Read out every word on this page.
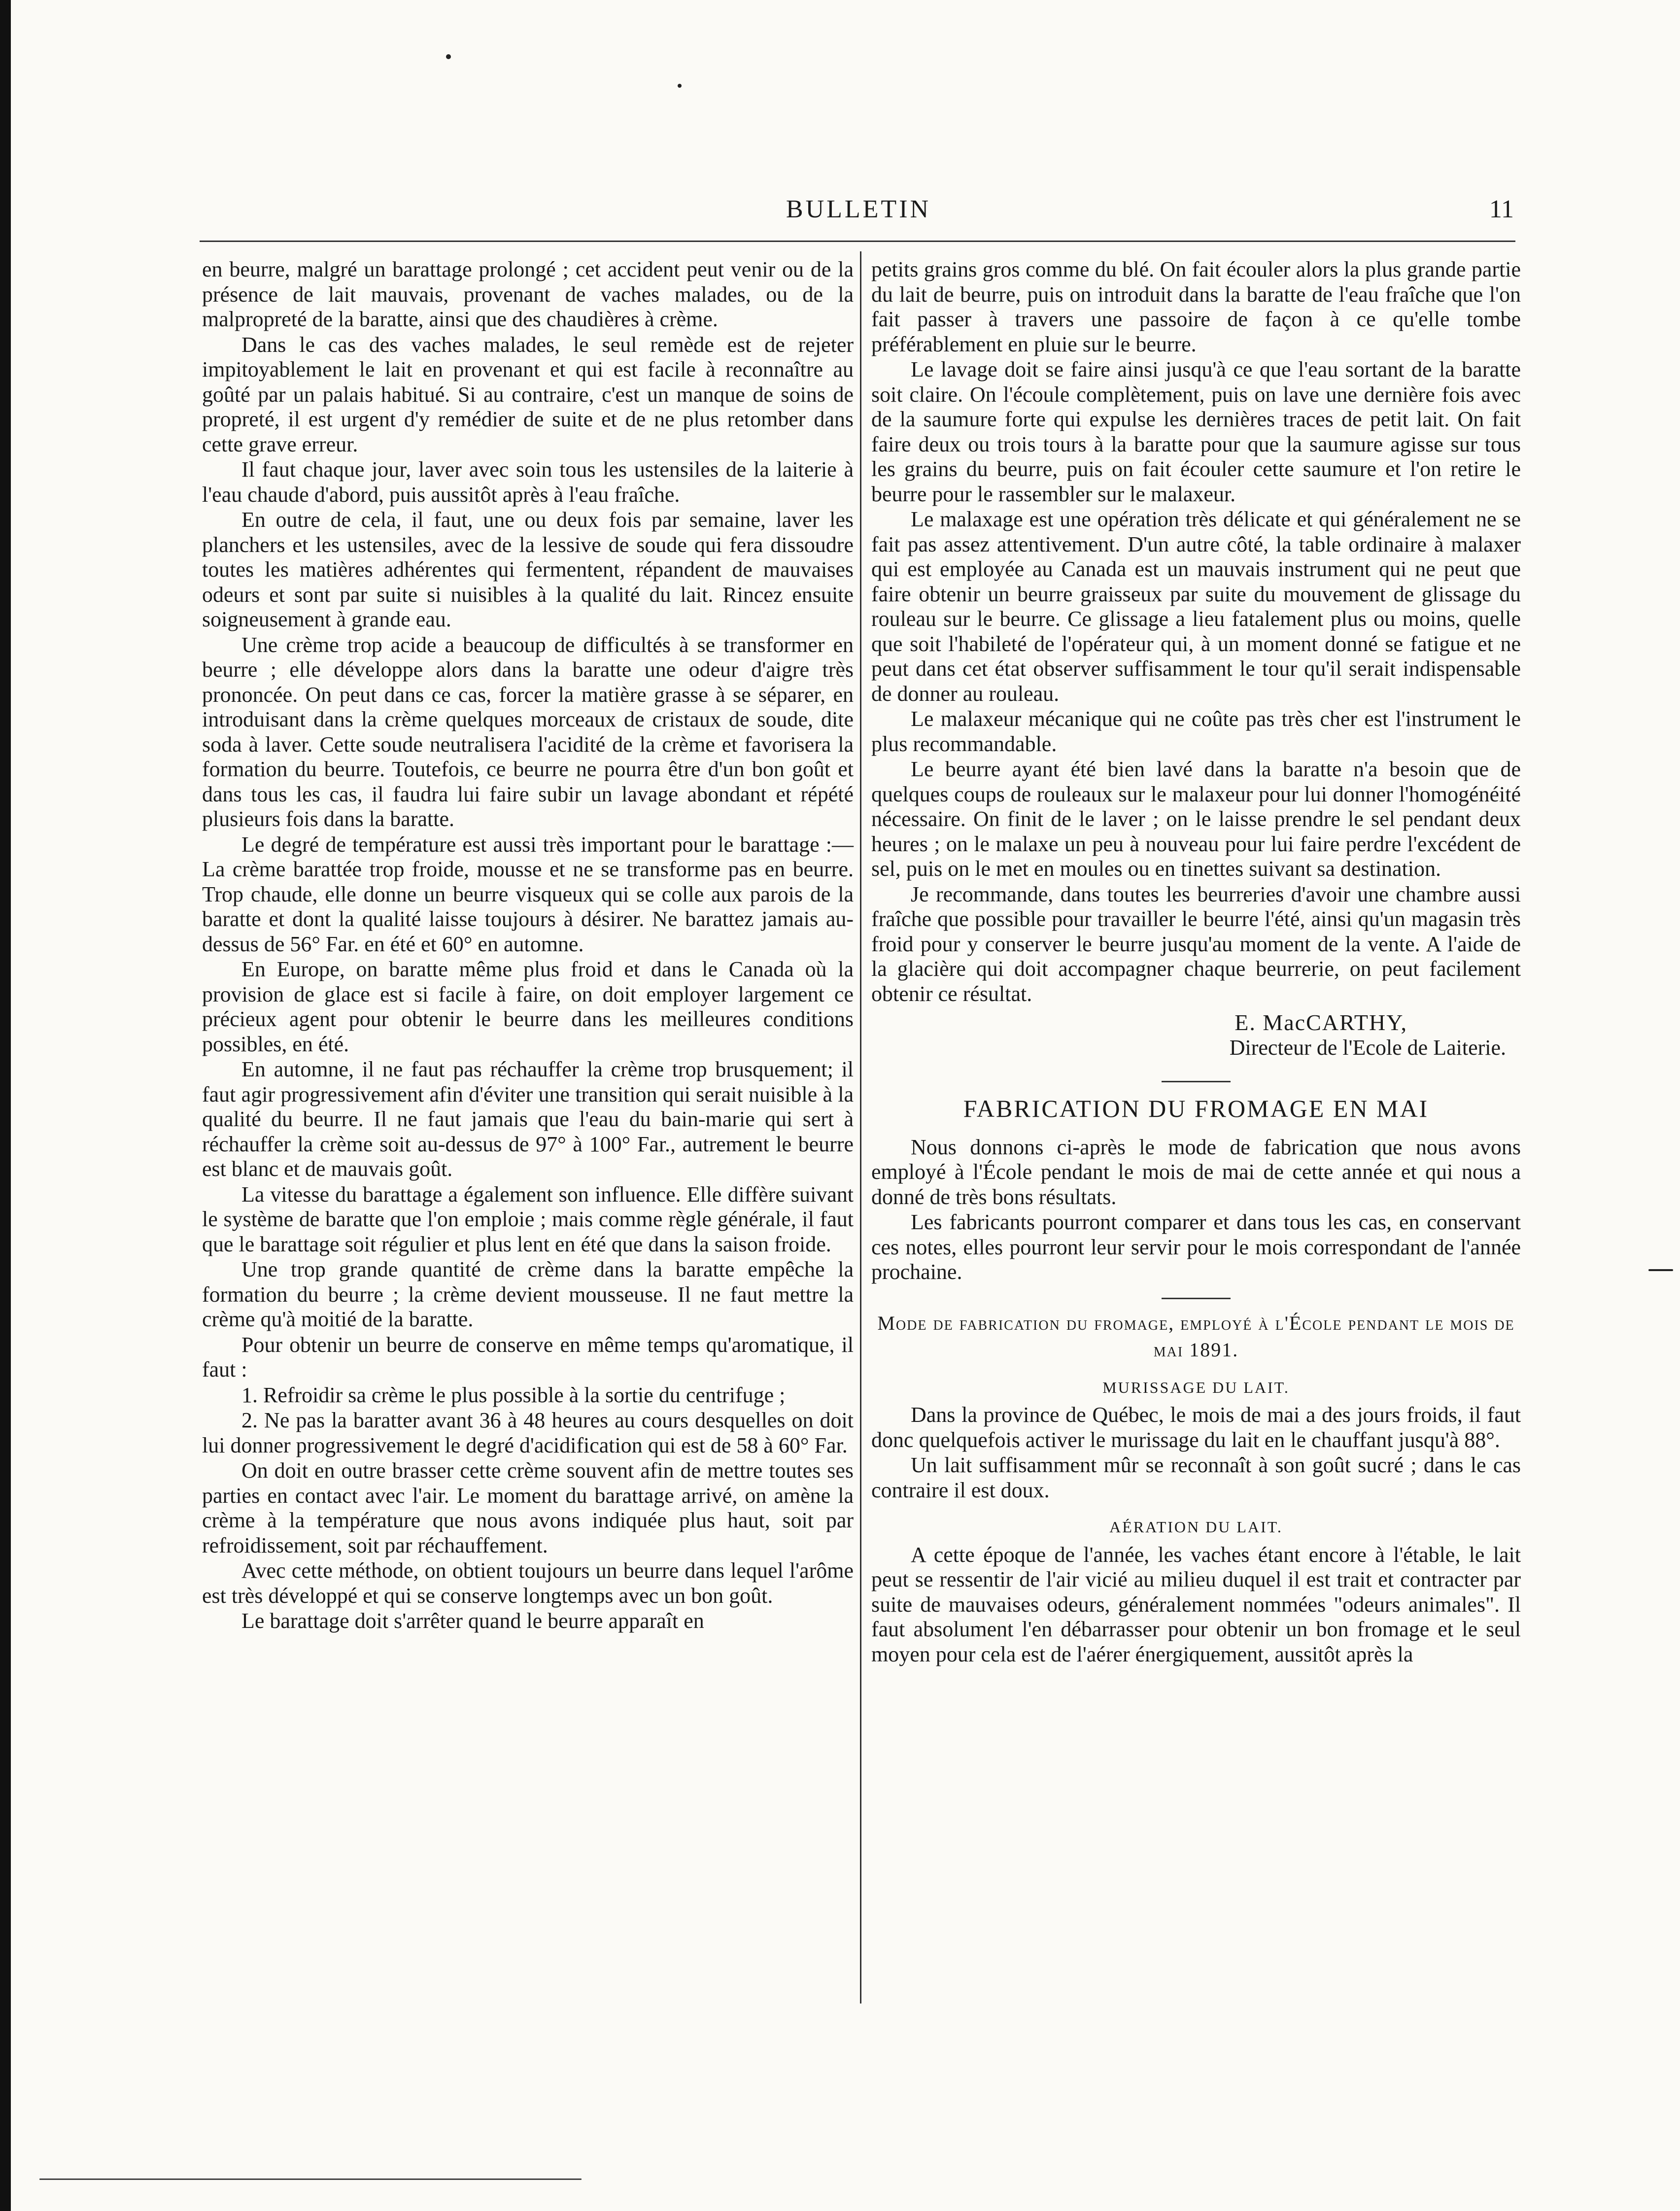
BULLETIN	11

en beurre, malgré un barattage prolongé ; cet accident peut venir ou de la présence de lait mauvais, provenant de vaches malades, ou de la malpropreté de la baratte, ainsi que des chaudières à crème.

Dans le cas des vaches malades, le seul remède est de rejeter impitoyablement le lait en provenant et qui est facile à reconnaître au goûté par un palais habitué. Si au contraire, c'est un manque de soins de propreté, il est urgent d'y remédier de suite et de ne plus retomber dans cette grave erreur.

Il faut chaque jour, laver avec soin tous les ustensiles de la laiterie à l'eau chaude d'abord, puis aussitôt après à l'eau fraîche.

En outre de cela, il faut, une ou deux fois par semaine, laver les planchers et les ustensiles, avec de la lessive de soude qui fera dissoudre toutes les matières adhérentes qui fermentent, répandent de mauvaises odeurs et sont par suite si nuisibles à la qualité du lait. Rincez ensuite soigneusement à grande eau.

Une crème trop acide a beaucoup de difficultés à se transformer en beurre ; elle développe alors dans la baratte une odeur d'aigre très prononcée. On peut dans ce cas, forcer la matière grasse à se séparer, en introduisant dans la crème quelques morceaux de cristaux de soude, dite soda à laver. Cette soude neutralisera l'acidité de la crème et favorisera la formation du beurre. Toutefois, ce beurre ne pourra être d'un bon goût et dans tous les cas, il faudra lui faire subir un lavage abondant et répété plusieurs fois dans la baratte.

Le degré de température est aussi très important pour le barattage :—La crème barattée trop froide, mousse et ne se transforme pas en beurre. Trop chaude, elle donne un beurre visqueux qui se colle aux parois de la baratte et dont la qualité laisse toujours à désirer. Ne barattez jamais au-dessus de 56° Far. en été et 60° en automne.

En Europe, on baratte même plus froid et dans le Canada où la provision de glace est si facile à faire, on doit employer largement ce précieux agent pour obtenir le beurre dans les meilleures conditions possibles, en été.

En automne, il ne faut pas réchauffer la crème trop brusquement; il faut agir progressivement afin d'éviter une transition qui serait nuisible à la qualité du beurre. Il ne faut jamais que l'eau du bain-marie qui sert à réchauffer la crème soit au-dessus de 97° à 100° Far., autrement le beurre est blanc et de mauvais goût.

La vitesse du barattage a également son influence. Elle diffère suivant le système de baratte que l'on emploie ; mais comme règle générale, il faut que le barattage soit régulier et plus lent en été que dans la saison froide.

Une trop grande quantité de crème dans la baratte empêche la formation du beurre ; la crème devient mousseuse. Il ne faut mettre la crème qu'à moitié de la baratte.

Pour obtenir un beurre de conserve en même temps qu'aromatique, il faut :

1. Refroidir sa crème le plus possible à la sortie du centrifuge ;

2. Ne pas la baratter avant 36 à 48 heures au cours desquelles on doit lui donner progressivement le degré d'acidification qui est de 58 à 60° Far.

On doit en outre brasser cette crème souvent afin de mettre toutes ses parties en contact avec l'air. Le moment du barattage arrivé, on amène la crème à la température que nous avons indiquée plus haut, soit par refroidissement, soit par réchauffement.

Avec cette méthode, on obtient toujours un beurre dans lequel l'arôme est très développé et qui se conserve longtemps avec un bon goût.

Le barattage doit s'arrêter quand le beurre apparaît en

petits grains gros comme du blé. On fait écouler alors la plus grande partie du lait de beurre, puis on introduit dans la baratte de l'eau fraîche que l'on fait passer à travers une passoire de façon à ce qu'elle tombe préférablement en pluie sur le beurre.

Le lavage doit se faire ainsi jusqu'à ce que l'eau sortant de la baratte soit claire. On l'écoule complètement, puis on lave une dernière fois avec de la saumure forte qui expulse les dernières traces de petit lait. On fait faire deux ou trois tours à la baratte pour que la saumure agisse sur tous les grains du beurre, puis on fait écouler cette saumure et l'on retire le beurre pour le rassembler sur le malaxeur.

Le malaxage est une opération très délicate et qui généralement ne se fait pas assez attentivement. D'un autre côté, la table ordinaire à malaxer qui est employée au Canada est un mauvais instrument qui ne peut que faire obtenir un beurre graisseux par suite du mouvement de glissage du rouleau sur le beurre. Ce glissage a lieu fatalement plus ou moins, quelle que soit l'habileté de l'opérateur qui, à un moment donné se fatigue et ne peut dans cet état observer suffisamment le tour qu'il serait indispensable de donner au rouleau.

Le malaxeur mécanique qui ne coûte pas très cher est l'instrument le plus recommandable.

Le beurre ayant été bien lavé dans la baratte n'a besoin que de quelques coups de rouleaux sur le malaxeur pour lui donner l'homogénéité nécessaire. On finit de le laver ; on le laisse prendre le sel pendant deux heures ; on le malaxe un peu à nouveau pour lui faire perdre l'excédent de sel, puis on le met en moules ou en tinettes suivant sa destination.

Je recommande, dans toutes les beurreries d'avoir une chambre aussi fraîche que possible pour travailler le beurre l'été, ainsi qu'un magasin très froid pour y conserver le beurre jusqu'au moment de la vente. A l'aide de la glacière qui doit accompagner chaque beurrerie, on peut facilement obtenir ce résultat.

E. MacCARTHY,
Directeur de l'Ecole de Laiterie.
FABRICATION DU FROMAGE EN MAI

Nous donnons ci-après le mode de fabrication que nous avons employé à l'École pendant le mois de mai de cette année et qui nous a donné de très bons résultats.

Les fabricants pourront comparer et dans tous les cas, en conservant ces notes, elles pourront leur servir pour le mois correspondant de l'année prochaine.

Mode de fabrication du fromage, employé à l'École pendant le mois de mai 1891.
MURISSAGE DU LAIT.

Dans la province de Québec, le mois de mai a des jours froids, il faut donc quelquefois activer le murissage du lait en le chauffant jusqu'à 88°.

Un lait suffisamment mûr se reconnaît à son goût sucré ; dans le cas contraire il est doux.

AÉRATION DU LAIT.

A cette époque de l'année, les vaches étant encore à l'étable, le lait peut se ressentir de l'air vicié au milieu duquel il est trait et contracter par suite de mauvaises odeurs, généralement nommées "odeurs animales". Il faut absolument l'en débarrasser pour obtenir un bon fromage et le seul moyen pour cela est de l'aérer énergiquement, aussitôt après la
